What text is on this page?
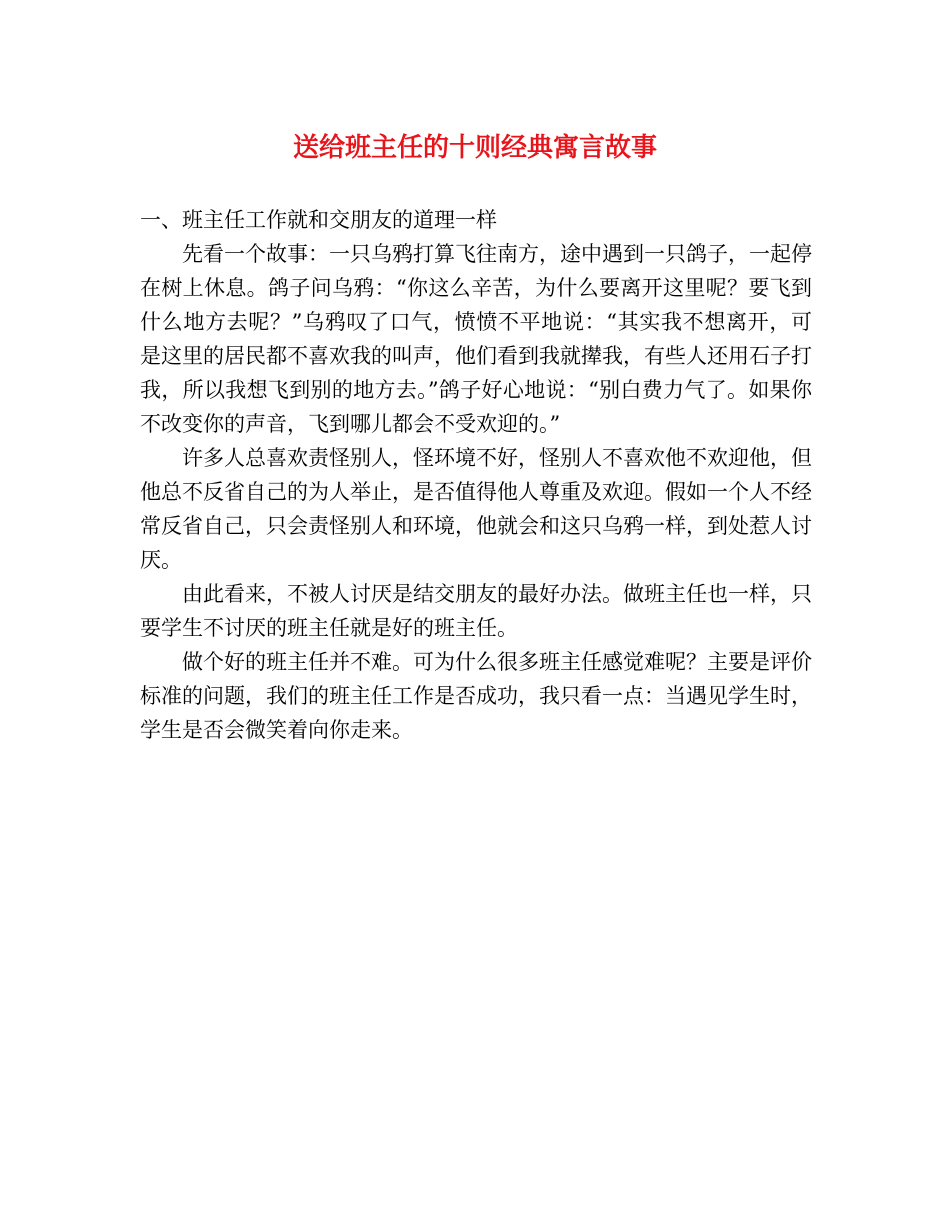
送给班主任的十则经典寓言故事

一、班主任工作就和交朋友的道理一样

先看一个故事：一只乌鸦打算飞往南方，途中遇到一只鸽子，一起停在树上休息。鸽子问乌鸦：“你这么辛苦，为什么要离开这里呢？要飞到什么地方去呢？”乌鸦叹了口气，愤愤不平地说：“其实我不想离开，可是这里的居民都不喜欢我的叫声，他们看到我就撵我，有些人还用石子打我，所以我想飞到别的地方去。”鸽子好心地说：“别白费力气了。如果你不改变你的声音，飞到哪儿都会不受欢迎的。”

许多人总喜欢责怪别人，怪环境不好，怪别人不喜欢他不欢迎他，但他总不反省自己的为人举止，是否值得他人尊重及欢迎。假如一个人不经常反省自己，只会责怪别人和环境，他就会和这只乌鸦一样，到处惹人讨厌。

由此看来，不被人讨厌是结交朋友的最好办法。做班主任也一样，只要学生不讨厌的班主任就是好的班主任。

做个好的班主任并不难。可为什么很多班主任感觉难呢？主要是评价标准的问题，我们的班主任工作是否成功，我只看一点：当遇见学生时，学生是否会微笑着向你走来。
